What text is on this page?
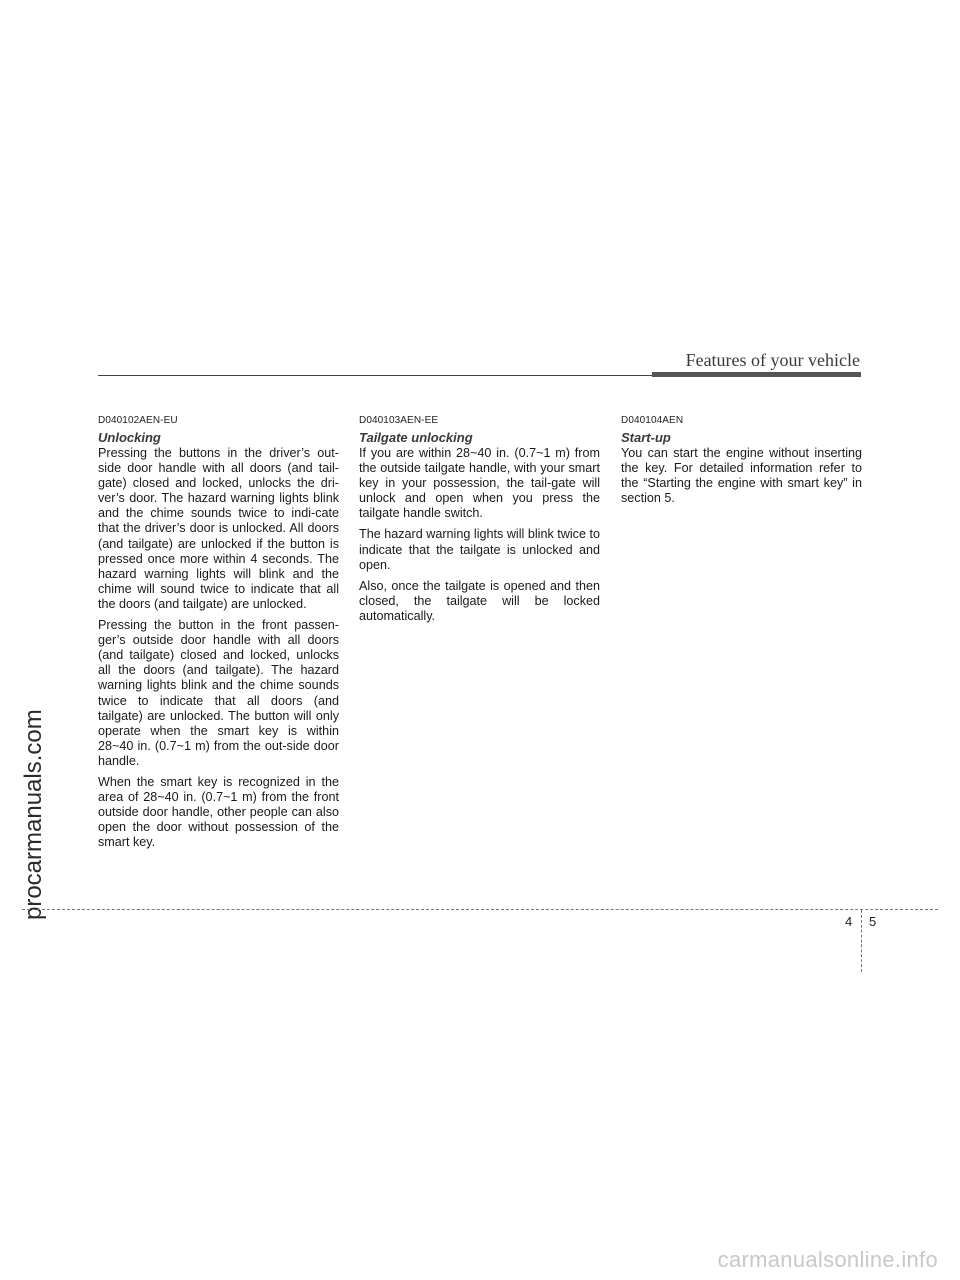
Features of your vehicle
D040102AEN-EU
Unlocking

Pressing the buttons in the driver’s out-side door handle with all doors (and tail-gate) closed and locked, unlocks the dri-ver’s door. The hazard warning lights blink and the chime sounds twice to indi-cate that the driver’s door is unlocked. All doors (and tailgate) are unlocked if the button is pressed once more within 4 seconds. The hazard warning lights will blink and the chime will sound twice to indicate that all the doors (and tailgate) are unlocked.

Pressing the button in the front passen-ger’s outside door handle with all doors (and tailgate) closed and locked, unlocks all the doors (and tailgate). The hazard warning lights blink and the chime sounds twice to indicate that all doors (and tailgate) are unlocked. The button will only operate when the smart key is within 28~40 in. (0.7~1 m) from the out-side door handle.

When the smart key is recognized in the area of 28~40 in. (0.7~1 m) from the front outside door handle, other people can also open the door without possession of the smart key.

D040103AEN-EE
Tailgate unlocking

If you are within 28~40 in. (0.7~1 m) from the outside tailgate handle, with your smart key in your possession, the tail-gate will unlock and open when you press the tailgate handle switch.

The hazard warning lights will blink twice to indicate that the tailgate is unlocked and open.

Also, once the tailgate is opened and then closed, the tailgate will be locked automatically.

D040104AEN
Start-up

You can start the engine without inserting the key. For detailed information refer to the “Starting the engine with smart key” in section 5.

procarmanuals.com
4 5
carmanualsonline.info
